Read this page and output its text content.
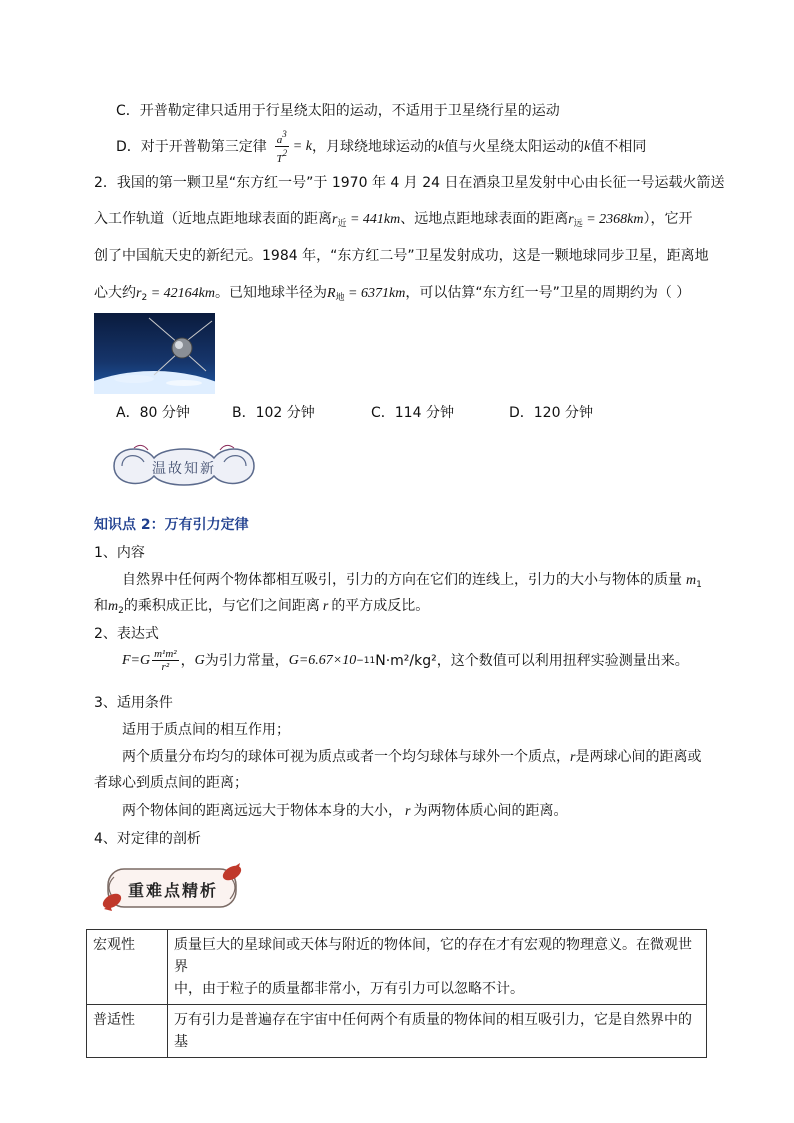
C．开普勒定律只适用于行星绕太阳的运动，不适用于卫星绕行星的运动
D．对于开普勒第三定律 $\frac{a^3}{T^2} = k$ ，月球绕地球运动的 k 值与火星绕太阳运动的 k 值不相同
2．我国的第一颗卫星“东方红一号”于 1970 年 4 月 24 日在酒泉卫星发射中心由长征一号运载火箭送
入工作轨道（近地点距地球表面的距离$r_近 = 441km$、远地点距地球表面的距离$r_远 = 2368km$），它开
创了中国航天史的新纪元。1984 年，“东方红二号”卫星发射成功，这是一颗地球同步卫星，距离地
心大约$r_2 = 42164km$。已知地球半径为$R_地 = 6371km$，可以估算“东方红一号”卫星的周期约为（ ）
A．80 分钟	B．102 分钟	C．114 分钟	D．120 分钟
温故知新
知识点 2：万有引力定律
1、内容
自然界中任何两个物体都相互吸引，引力的方向在它们的连线上，引力的大小与物体的质量 $m_1$
和$m_2$的乘积成正比，与它们之间距离 r 的平方成反比。
2、表达式
$F=G \frac{\text{m¹m²}}{\text{r²}}$ ， G 为引力常量， G =6.67×10 −11 N·m²/kg²，这个数值可以利用扭秤实验测量出来。
3、适用条件
适用于质点间的相互作用；
两个质量分布均匀的球体可视为质点或者一个均匀球体与球外一个质点，r是两球心间的距离或
者球心到质点间的距离；
两个物体间的距离远远大于物体本身的大小， r 为两物体质心间的距离。
4、对定律的剖析
重难点精析
宏观性	质量巨大的星球间或天体与附近的物体间，它的存在才有宏观的物理意义。在微观世界
中，由于粒子的质量都非常小，万有引力可以忽略不计。

普适性	万有引力是普遍存在宇宙中任何两个有质量的物体间的相互吸引力，它是自然界中的基
